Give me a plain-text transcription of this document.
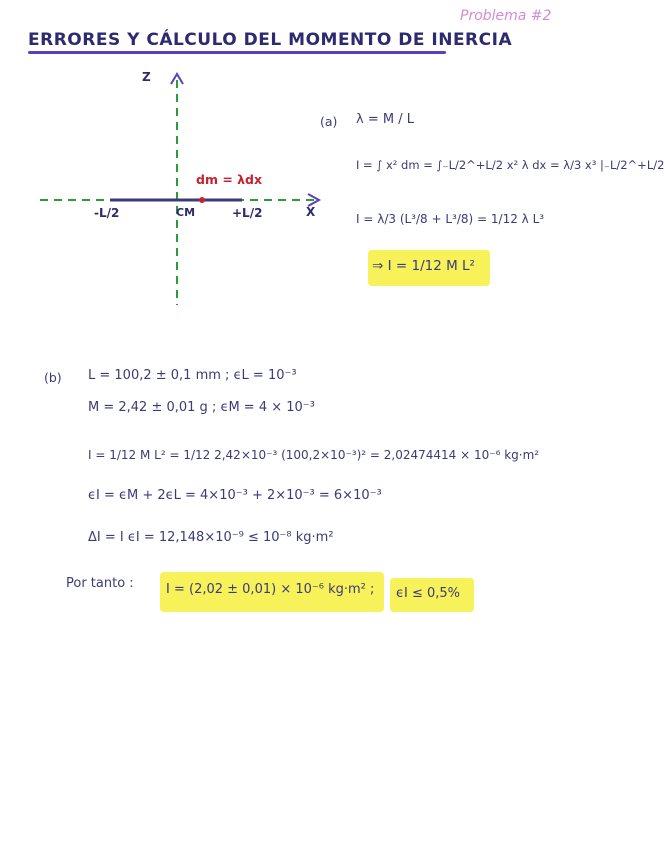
ERRORES Y CÁLCULO DEL MOMENTO DE INERCIA
Problema #2
Z
X
-L/2	+L/2
CM
dm = λdx
(a) λ = M / L
I = ∫ x² dm = ∫₋L/2^+L/2 x² λ dx = λ/3 x³ |₋L/2^+L/2
I = λ/3 (L³/8 + L³/8) = 1/12 λ L³
⇒ I = 1/12 M L²
(b) L = 100,2 ± 0,1 mm ; ϵL = 10⁻³
M = 2,42 ± 0,01 g ; ϵM = 4 × 10⁻³
I = 1/12 M L² = 1/12 2,42×10⁻³ (100,2×10⁻³)² = 2,02474414 × 10⁻⁶ kg·m²
ϵI = ϵM + 2ϵL = 4×10⁻³ + 2×10⁻³ = 6×10⁻³
ΔI = I ϵI = 12,148×10⁻⁹ ≤ 10⁻⁸ kg·m²
Por tanto : I = (2,02 ± 0,01) × 10⁻⁶ kg·m² ; ϵI ≤ 0,5%
